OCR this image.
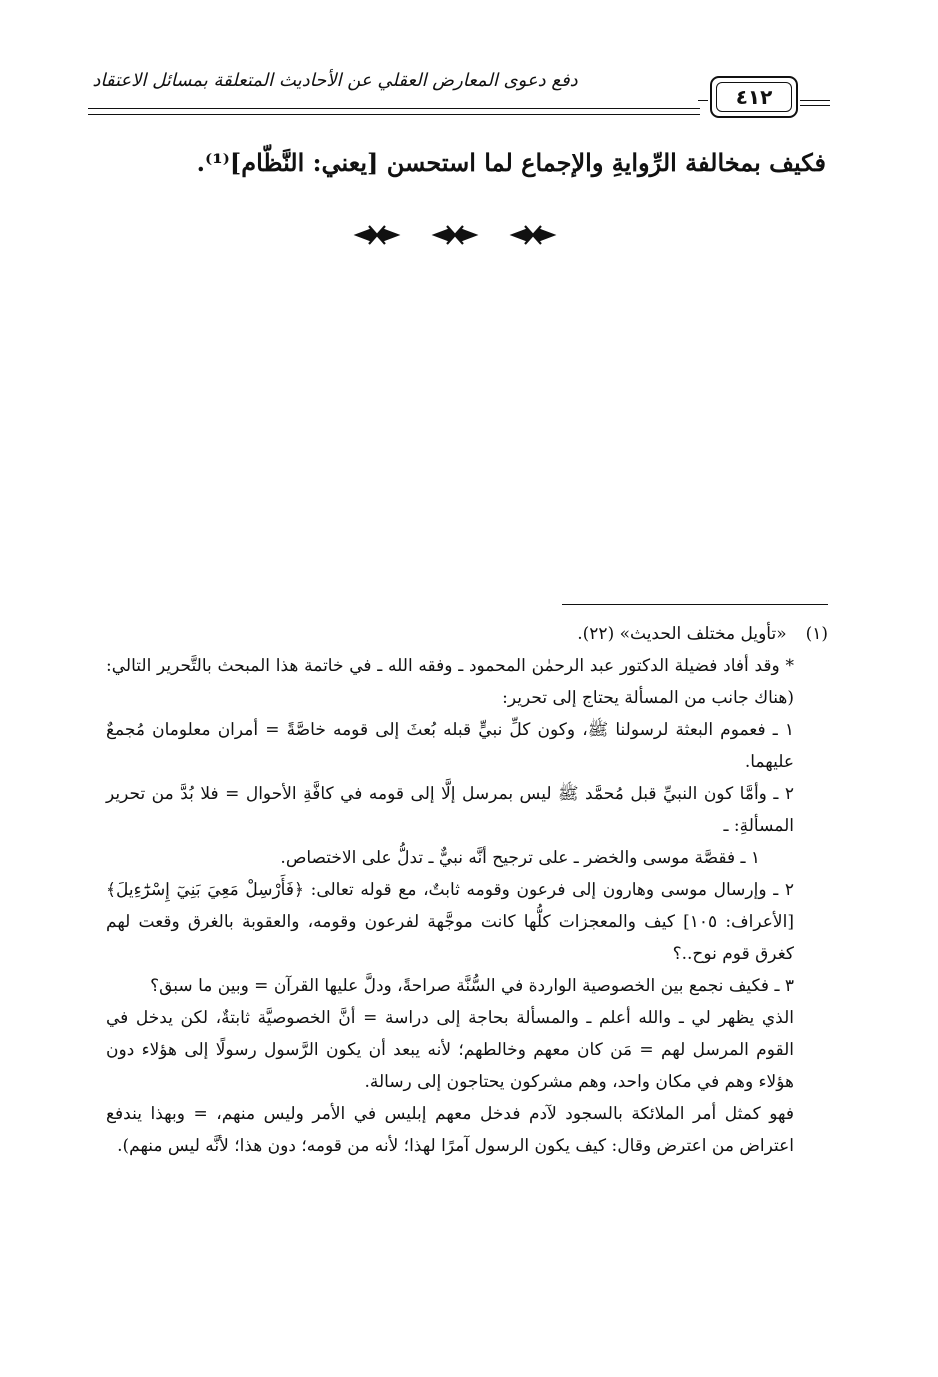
دفع دعوى المعارض العقلي عن الأحاديث المتعلقة بمسائل الاعتقاد
٤١٢
فكيف بمخالفة الرِّوايةِ والإجماع لما استحسن [يعني: النَّظّام]⁽¹⁾.

(١) «تأويل مختلف الحديث» (٢٢).

* وقد أفاد فضيلة الدكتور عبد الرحمٰن المحمود ـ وفقه الله ـ في خاتمة هذا المبحث بالتَّحرير التالي: (هناك جانب من المسألة يحتاج إلى تحرير:

١ ـ فعموم البعثة لرسولنا ﷺ، وكون كلِّ نبيٍّ قبله بُعثَ إلى قومه خاصَّةً = أمران معلومان مُجمعٌ عليهما.

٢ ـ وأمَّا كون النبيِّ قبل مُحمَّد ﷺ ليس بمرسل إلَّا إلى قومه في كافَّةِ الأحوال = فلا بُدَّ من تحرير المسألةِ: ـ

١ ـ فقصَّة موسى والخضر ـ على ترجيح أنَّه نبيٌّ ـ تدلُّ على الاختصاص.

٢ ـ وإرسال موسى وهارون إلى فرعون وقومه ثابتٌ، مع قوله تعالى: ﴿فَأَرْسِلْ مَعِيَ بَنِيٓ إِسْرَٰٓءِيلَ﴾ [الأعراف: ١٠٥] كيف والمعجزات كلُّها كانت موجَّهة لفرعون وقومه، والعقوبة بالغرق وقعت لهم كغرق قوم نوح..؟

٣ ـ فكيف نجمع بين الخصوصية الواردة في السُّنَّة صراحةً، ودلَّ عليها القرآن = وبين ما سبق؟

الذي يظهر لي ـ والله أعلم ـ والمسألة بحاجة إلى دراسة = أنَّ الخصوصيَّة ثابتةٌ، لكن يدخل في القوم المرسل لهم = مَن كان معهم وخالطهم؛ لأنه يبعد أن يكون الرَّسول رسولًا إلى هؤلاء دون هؤلاء وهم في مكان واحد، وهم مشركون يحتاجون إلى رسالة.

فهو كمثل أمر الملائكة بالسجود لآدم فدخل معهم إبليس في الأمر وليس منهم، = وبهذا يندفع اعتراض من اعترض وقال: كيف يكون الرسول آمرًا لهذا؛ لأنه من قومه؛ دون هذا؛ لأنَّه ليس منهم).
